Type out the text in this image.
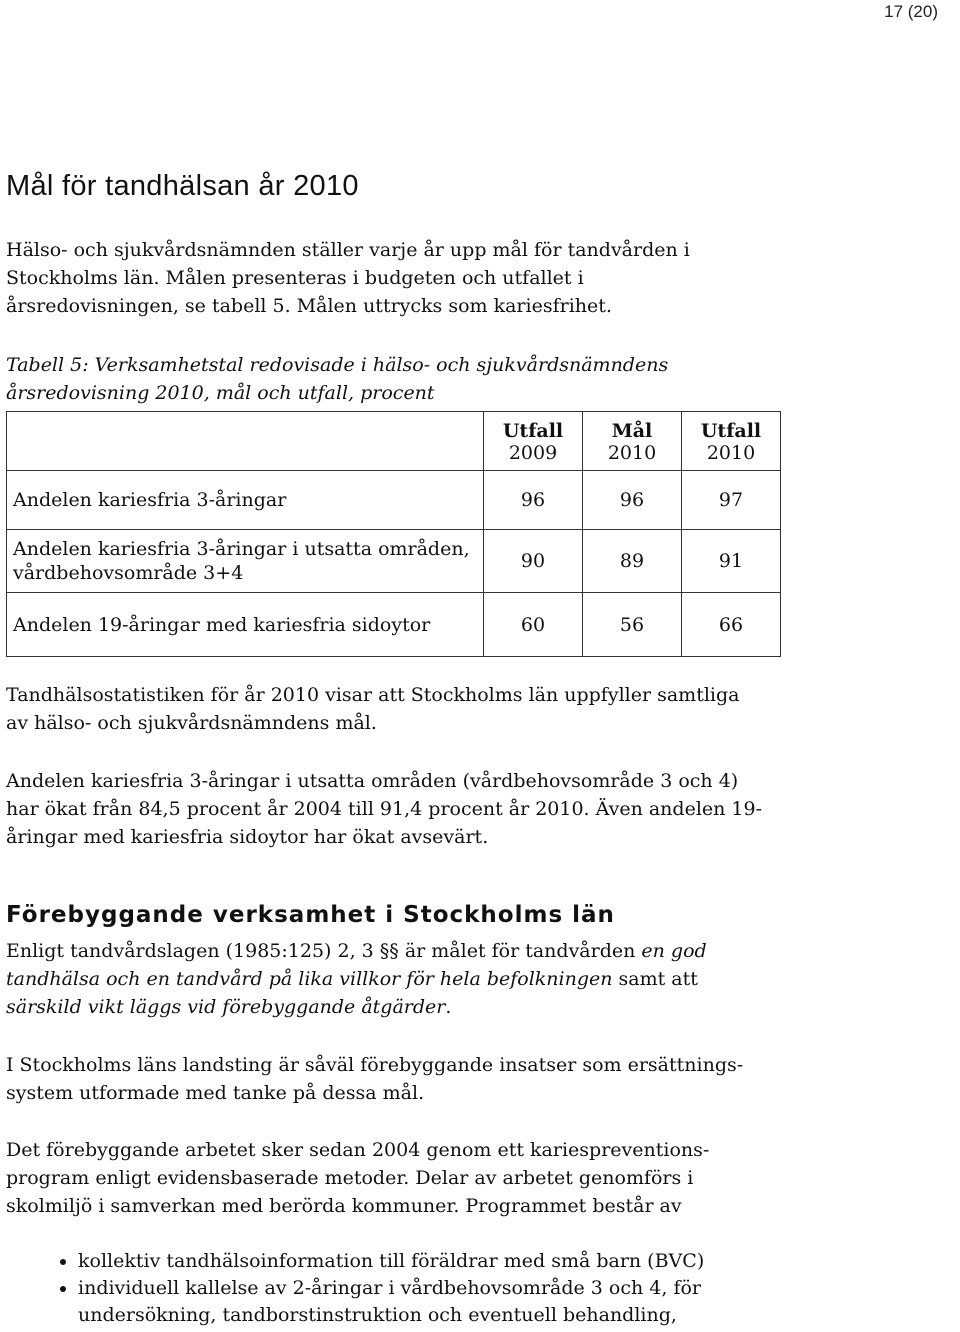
17 (20)
Mål för tandhälsan år 2010

Hälso- och sjukvårdsnämnden ställer varje år upp mål för tandvården i Stockholms län. Målen presenteras i budgeten och utfallet i årsredovisningen, se tabell 5. Målen uttrycks som kariesfrihet.

Tabell 5: Verksamhetstal redovisade i hälso- och sjukvårdsnämndens årsredovisning 2010, mål och utfall, procent

	Utfall	Mål	Utfall
	2009	2010	2010
Andelen kariesfria 3-åringar	96	96	97
Andelen kariesfria 3-åringar i utsatta områden, vårdbehovsområde 3+4	90	89	91
Andelen 19-åringar med kariesfria sidoytor	60	56	66

Tandhälsostatistiken för år 2010 visar att Stockholms län uppfyller samtliga av hälso- och sjukvårdsnämndens mål.

Andelen kariesfria 3-åringar i utsatta områden (vårdbehovsområde 3 och 4) har ökat från 84,5 procent år 2004 till 91,4 procent år 2010. Även andelen 19-åringar med kariesfria sidoytor har ökat avsevärt.

Förebyggande verksamhet i Stockholms län

Enligt tandvårdslagen (1985:125) 2, 3 §§ är målet för tandvården en god tandhälsa och en tandvård på lika villkor för hela befolkningen samt att särskild vikt läggs vid förebyggande åtgärder.

I Stockholms läns landsting är såväl förebyggande insatser som ersättnings-system utformade med tanke på dessa mål.

Det förebyggande arbetet sker sedan 2004 genom ett kariespreventions-program enligt evidensbaserade metoder. Delar av arbetet genomförs i skolmiljö i samverkan med berörda kommuner. Programmet består av

• kollektiv tandhälsoinformation till föräldrar med små barn (BVC)
• individuell kallelse av 2-åringar i vårdbehovsområde 3 och 4, för undersökning, tandborstinstruktion och eventuell behandling,
